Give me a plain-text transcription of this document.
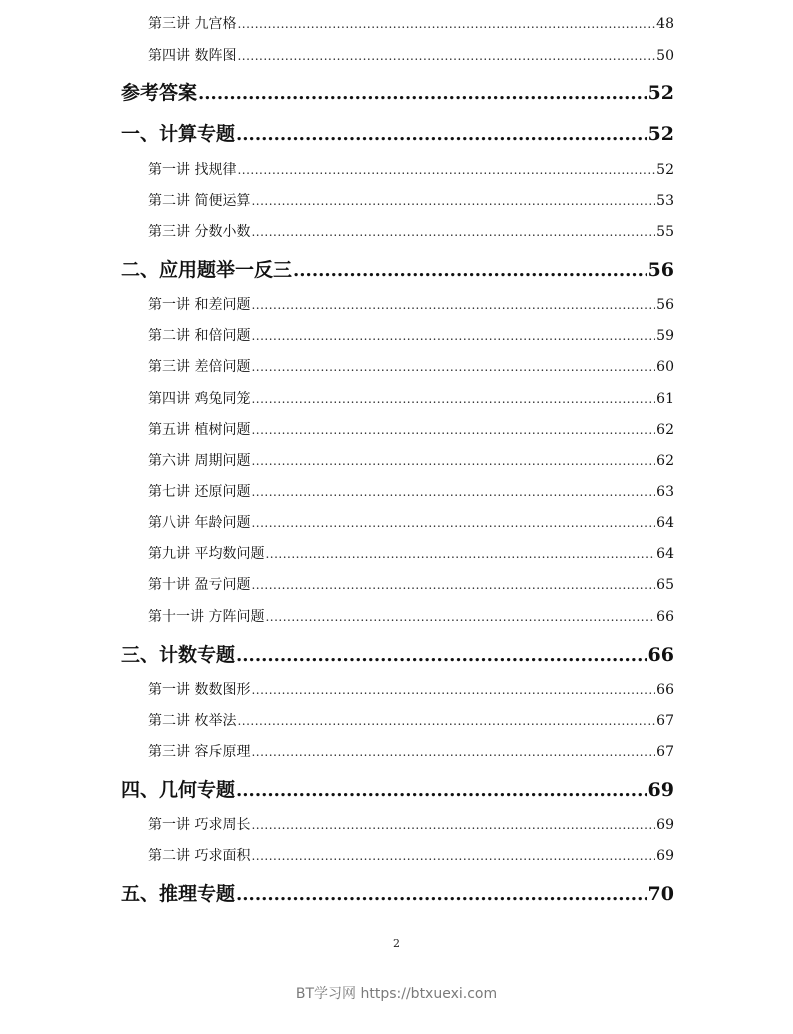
第三讲 九宫格 .....	48
第四讲 数阵图 .....	50
参考答案 .....	52
一、计算专题 .....	52
第一讲 找规律 .....	52
第二讲 简便运算 .....	53
第三讲 分数小数 .....	55
二、应用题举一反三 .....	56
第一讲 和差问题 .....	56
第二讲 和倍问题 .....	59
第三讲 差倍问题 .....	60
第四讲 鸡兔同笼 .....	61
第五讲 植树问题 .....	62
第六讲 周期问题 .....	62
第七讲 还原问题 .....	63
第八讲 年龄问题 .....	64
第九讲 平均数问题 .....	64
第十讲 盈亏问题 .....	65
第十一讲 方阵问题 .....	66
三、计数专题 .....	66
第一讲 数数图形 .....	66
第二讲 枚举法 .....	67
第三讲 容斥原理 .....	67
四、几何专题 .....	69
第一讲 巧求周长 .....	69
第二讲 巧求面积 .....	69
五、推理专题 .....	70
2
BT学习网 https://btxuexi.com
